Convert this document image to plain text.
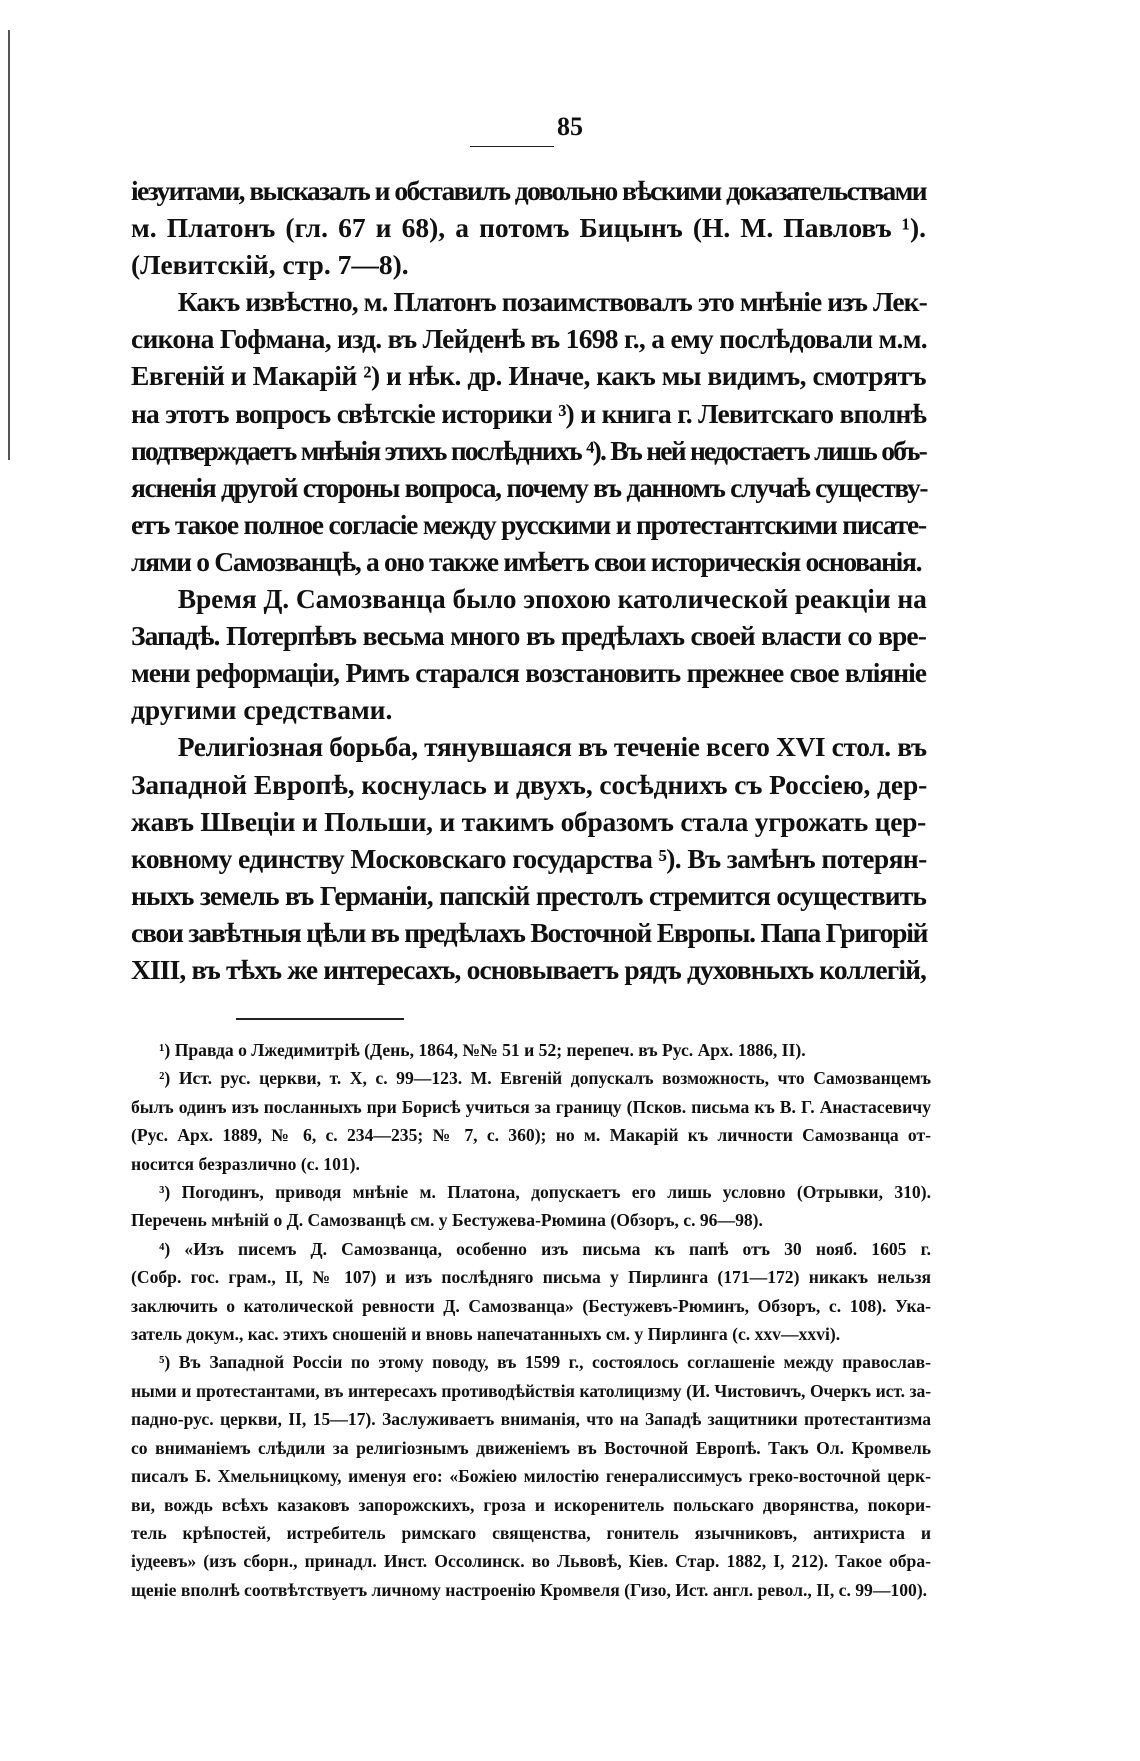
85
іезуитами, высказалъ и обставилъ довольно вѣскими доказательствами
м. Платонъ (гл. 67 и 68), а потомъ Бицынъ (Н. М. Павловъ ¹).
(Левитскій, стр. 7—8).
Какъ извѣстно, м. Платонъ позаимствовалъ это мнѣніе изъ Лек-
сикона Гофмана, изд. въ Лейденѣ въ 1698 г., а ему послѣдовали м.м.
Евгеній и Макарій ²) и нѣк. др. Иначе, какъ мы видимъ, смотрятъ
на этотъ вопросъ свѣтскіе историки ³) и книга г. Левитскаго вполнѣ
подтверждаетъ мнѣнія этихъ послѣднихъ ⁴). Въ ней недостаетъ лишь объ-
ясненія другой стороны вопроса, почему въ данномъ случаѣ существу-
етъ такое полное согласіе между русскими и протестантскими писате-
лями о Самозванцѣ, а оно также имѣетъ свои историческія основанія.
Время Д. Самозванца было эпохою католической реакціи на
Западѣ. Потерпѣвъ весьма много въ предѣлахъ своей власти со вре-
мени реформаціи, Римъ старался возстановить прежнее свое вліяніе
другими средствами.
Религіозная борьба, тянувшаяся въ теченіе всего XVI стол. въ
Западной Европѣ, коснулась и двухъ, сосѣднихъ съ Россіею, дер-
жавъ Швеціи и Польши, и такимъ образомъ стала угрожать цер-
ковному единству Московскаго государства ⁵). Въ замѣнъ потерян-
ныхъ земель въ Германіи, папскій престолъ стремится осуществить
свои завѣтныя цѣли въ предѣлахъ Восточной Европы. Папа Григорій
XIII, въ тѣхъ же интересахъ, основываетъ рядъ духовныхъ коллегій,
¹) Правда о Лжедимитріѣ (День, 1864, №№ 51 и 52; перепеч. въ Рус. Арх. 1886, II).
²) Ист. рус. церкви, т. X, с. 99—123. М. Евгеній допускалъ возможность, что Самозванцемъ
былъ одинъ изъ посланныхъ при Борисѣ учиться за границу (Псков. письма къ В. Г. Анастасевичу
(Рус. Арх. 1889, № 6, с. 234—235; № 7, с. 360); но м. Макарій къ личности Самозванца от-
носится безразлично (с. 101).
³) Погодинъ, приводя мнѣніе м. Платона, допускаетъ его лишь условно (Отрывки, 310).
Перечень мнѣній о Д. Самозванцѣ см. у Бестужева-Рюмина (Обзоръ, с. 96—98).
⁴) «Изъ писемъ Д. Самозванца, особенно изъ письма къ папѣ отъ 30 нояб. 1605 г.
(Собр. гос. грам., II, № 107) и изъ послѣдняго письма у Пирлинга (171—172) никакъ нельзя
заключить о католической ревности Д. Самозванца» (Бестужевъ-Рюминъ, Обзоръ, с. 108). Ука-
затель докум., кас. этихъ сношеній и вновь напечатанныхъ см. у Пирлинга (с. xxv—xxvi).
⁵) Въ Западной Россіи по этому поводу, въ 1599 г., состоялось соглашеніе между православ-
ными и протестантами, въ интересахъ противодѣйствія католицизму (И. Чистовичъ, Очеркъ ист. за-
падно-рус. церкви, II, 15—17). Заслуживаетъ вниманія, что на Западѣ защитники протестантизма
со вниманіемъ слѣдили за религіознымъ движеніемъ въ Восточной Европѣ. Такъ Ол. Кромвель
писалъ Б. Хмельницкому, именуя его: «Божіею милостію генералиссимусъ греко-восточной церк-
ви, вождь всѣхъ казаковъ запорожскихъ, гроза и искоренитель польскаго дворянства, покори-
тель крѣпостей, истребитель римскаго священства, гонитель язычниковъ, антихриста и
іудеевъ» (изъ сборн., принадл. Инст. Оссолинск. во Львовѣ, Кіев. Стар. 1882, I, 212). Такое обра-
щеніе вполнѣ соотвѣтствуетъ личному настроенію Кромвеля (Гизо, Ист. англ. револ., II, с. 99—100).
